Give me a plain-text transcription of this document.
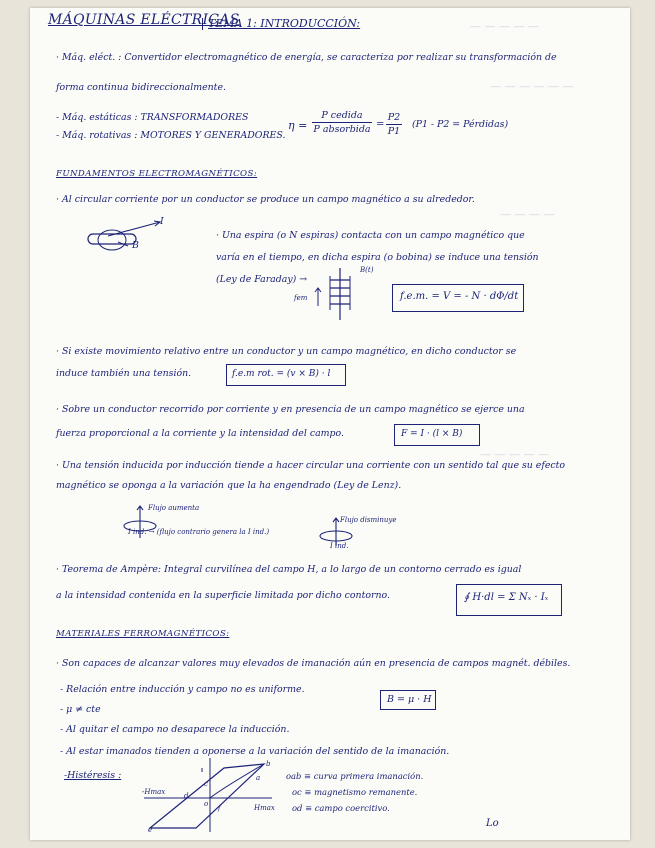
— — — — —
— — — — — —
— — — —
— — — — —
MÁQUINAS ELÉCTRICAS
TEMA 1: INTRODUCCIÓN:
· Máq. eléct. : Convertidor electromagnético de energía, se caracteriza por realizar su transformación de
forma continua bidireccionalmente.
- Máq. estáticas : TRANSFORMADORES
- Máq. rotativas : MOTORES Y GENERADORES.
η =
P cedida
P absorbida =
P2
P1
(P1 - P2 = Pérdidas)
FUNDAMENTOS ELECTROMAGNÉTICOS:
· Al circular corriente por un conductor se produce un campo magnético a su alrededor.
I
B
· Una espira (o N espiras) contacta con un campo magnético que
varía en el tiempo, en dicha espira (o bobina) se induce una tensión
(Ley de Faraday) →
B(t)
fem	f.e.m. = V = - N · dΦ/dt
· Si existe movimiento relativo entre un conductor y un campo magnético, en dicho conductor se
induce también una tensión.	f.e.m rot. = (v × B) · l
· Sobre un conductor recorrido por corriente y en presencia de un campo magnético se ejerce una
fuerza proporcional a la corriente y la intensidad del campo.	F = I · (l × B)
· Una tensión inducida por inducción tiende a hacer circular una corriente con un sentido tal que su efecto
magnético se oponga a la variación que la ha engendrado (Ley de Lenz).
Flujo aumenta
I ind. → (flujo contrario genera la I ind.)
Flujo disminuye
I ind.
· Teorema de Ampère: Integral curvilínea del campo H, a lo largo de un contorno cerrado es igual
a la intensidad contenida en la superficie limitada por dicho contorno.	∮ H·dl = Σ Nₓ · Iₓ
MATERIALES FERROMAGNÉTICOS:
· Son capaces de alcanzar valores muy elevados de imanación aún en presencia de campos magnét. débiles.
- Relación entre inducción y campo no es uniforme.
B = μ · H
- μ ≠ cte
- Al quitar el campo no desaparece la inducción.
- Al estar imanados tienden a oponerse a la variación del sentido de la imanación.
-Histéresis :
-Hmax
Hmax
b
e
a
c
d
o f
oab ≡ curva primera imanación.
oc ≡ magnetismo remanente.
od ≡ campo coercitivo.
Lo
